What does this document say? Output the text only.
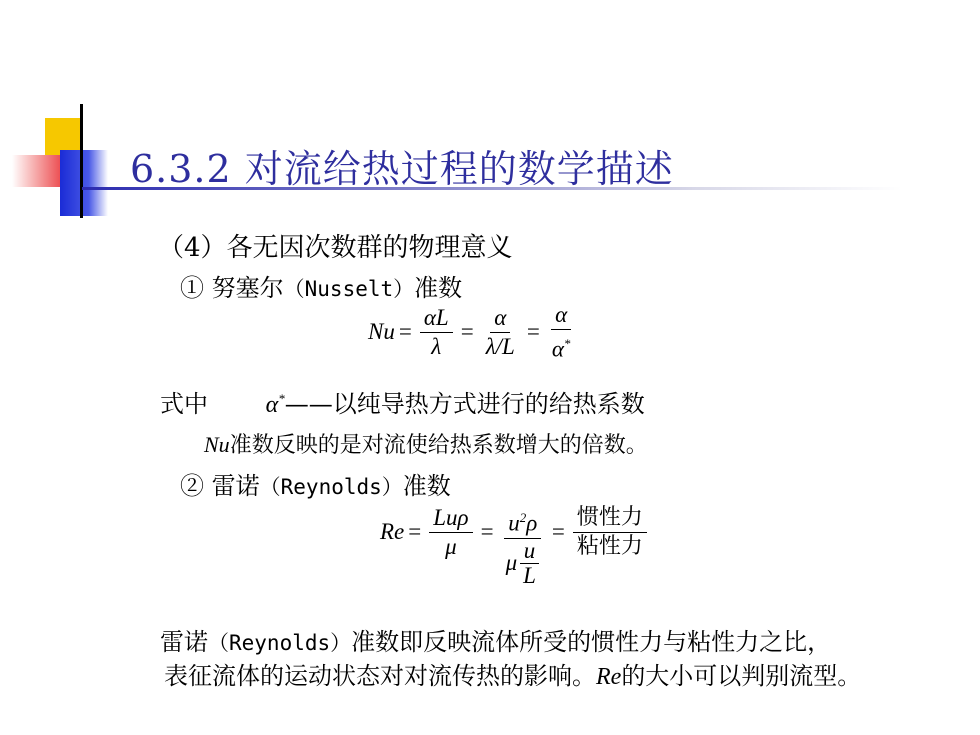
6.3.2 对流给热过程的数学描述
（4）各无因次数群的物理意义
① 努塞尔（Nusselt）准数
$Nu = \frac{\alpha L}{\lambda} = \frac{\alpha}{\lambda/L} = \frac{\alpha}{\alpha^*}$
式中 α*——以纯导热方式进行的给热系数
Nu准数反映的是对流使给热系数增大的倍数。
② 雷诺（Reynolds）准数
$Re = \frac{\text{Luρ}}{\mu} = \frac{u^2\rho}{\mu \frac{u}{L}} = \frac{\text{惯性力}}{\text{粘性力}}$
雷诺（Reynolds）准数即反映流体所受的惯性力与粘性力之比，
表征流体的运动状态对对流传热的影响。Re的大小可以判别流型。
